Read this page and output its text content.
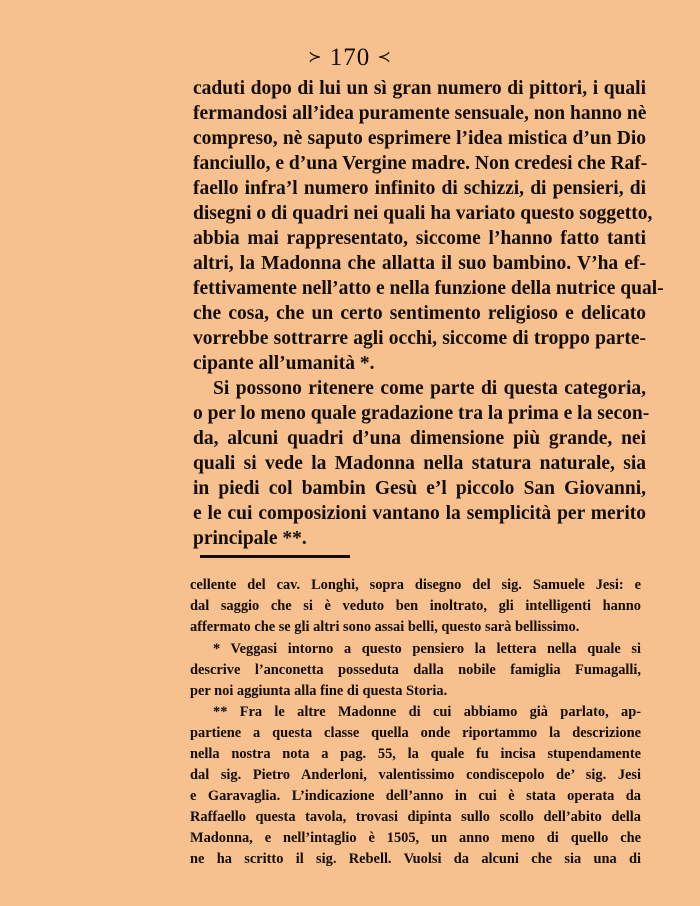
≻ 170 ≺
caduti dopo di lui un sì gran numero di pittori, i quali
fermandosi all’idea puramente sensuale, non hanno nè
compreso, nè saputo esprimere l’idea mistica d’un Dio
fanciullo, e d’una Vergine madre. Non credesi che Raf-
faello infra’l numero infinito di schizzi, di pensieri, di
disegni o di quadri nei quali ha variato questo soggetto,
abbia mai rappresentato, siccome l’hanno fatto tanti
altri, la Madonna che allatta il suo bambino. V’ha ef-
fettivamente nell’atto e nella funzione della nutrice qual-
che cosa, che un certo sentimento religioso e delicato
vorrebbe sottrarre agli occhi, siccome di troppo parte-
cipante all’umanità *.
Si possono ritenere come parte di questa categoria,
o per lo meno quale gradazione tra la prima e la secon-
da, alcuni quadri d’una dimensione più grande, nei
quali si vede la Madonna nella statura naturale, sia
in piedi col bambin Gesù e’l piccolo San Giovanni,
e le cui composizioni vantano la semplicità per merito
principale **.
cellente del cav. Longhi, sopra disegno del sig. Samuele Jesi: e
dal saggio che si è veduto ben inoltrato, gli intelligenti hanno
affermato che se gli altri sono assai belli, questo sarà bellissimo.
* Veggasi intorno a questo pensiero la lettera nella quale si
descrive l’anconetta posseduta dalla nobile famiglia Fumagalli,
per noi aggiunta alla fine di questa Storia.
** Fra le altre Madonne di cui abbiamo già parlato, ap-
partiene a questa classe quella onde riportammo la descrizione
nella nostra nota a pag. 55, la quale fu incisa stupendamente
dal sig. Pietro Anderloni, valentissimo condiscepolo de’ sig. Jesi
e Garavaglia. L’indicazione dell’anno in cui è stata operata da
Raffaello questa tavola, trovasi dipinta sullo scollo dell’abito della
Madonna, e nell’intaglio è 1505, un anno meno di quello che
ne ha scritto il sig. Rebell. Vuolsi da alcuni che sia una di
